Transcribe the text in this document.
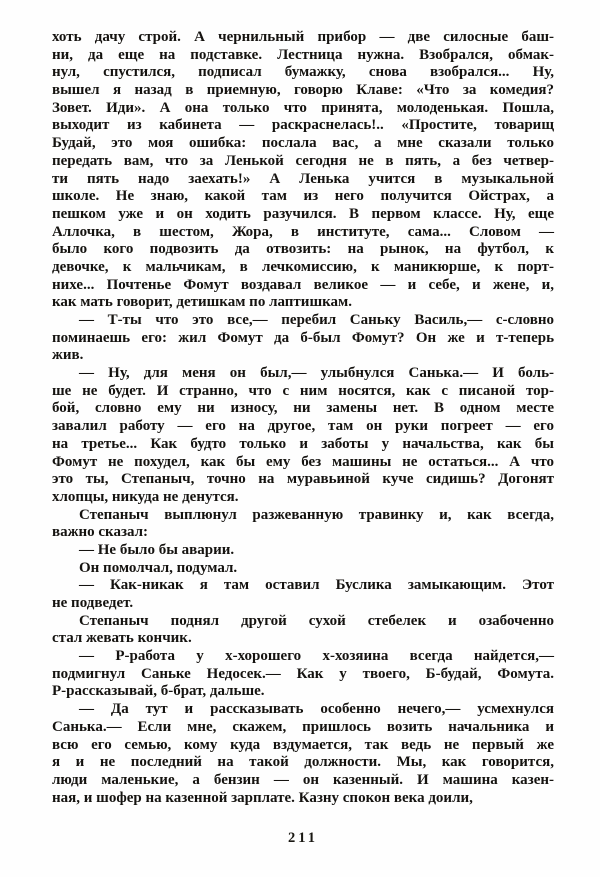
хоть дачу строй. А чернильный прибор — две силосные баш-
ни, да еще на подставке. Лестница нужна. Взобрался, обмак-
нул, спустился, подписал бумажку, снова взобрался... Ну,
вышел я назад в приемную, говорю Клаве: «Что за комедия?
Зовет. Иди». А она только что принята, молоденькая. Пошла,
выходит из кабинета — раскраснелась!.. «Простите, товарищ
Будай, это моя ошибка: послала вас, а мне сказали только
передать вам, что за Ленькой сегодня не в пять, а без четвер-
ти пять надо заехать!» А Ленька учится в музыкальной
школе. Не знаю, какой там из него получится Ойстрах, а
пешком уже и он ходить разучился. В первом классе. Ну, еще
Аллочка, в шестом, Жора, в институте, сама... Словом —
было кого подвозить да отвозить: на рынок, на футбол, к
девочке, к мальчикам, в лечкомиссию, к маникюрше, к порт-
нихе... Почтенье Фомут воздавал великое — и себе, и жене, и,
как мать говорит, детишкам по лаптишкам.
— Т-ты что это все,— перебил Саньку Василь,— с-словно
поминаешь его: жил Фомут да б-был Фомут? Он же и т-теперь
жив.
— Ну, для меня он был,— улыбнулся Санька.— И боль-
ше не будет. И странно, что с ним носятся, как с писаной тор-
бой, словно ему ни износу, ни замены нет. В одном месте
завалил работу — его на другое, там он руки погреет — его
на третье... Как будто только и заботы у начальства, как бы
Фомут не похудел, как бы ему без машины не остаться... А что
это ты, Степаныч, точно на муравьиной куче сидишь? Догонят
хлопцы, никуда не денутся.
Степаныч выплюнул разжеванную травинку и, как всегда,
важно сказал:
— Не было бы аварии.
Он помолчал, подумал.
— Как-никак я там оставил Буслика замыкающим. Этот
не подведет.
Степаныч поднял другой сухой стебелек и озабоченно
стал жевать кончик.
— Р-работа у х-хорошего х-хозяина всегда найдется,—
подмигнул Саньке Недосек.— Как у твоего, Б-будай, Фомута.
Р-рассказывай, б-брат, дальше.
— Да тут и рассказывать особенно нечего,— усмехнулся
Санька.— Если мне, скажем, пришлось возить начальника и
всю его семью, кому куда вздумается, так ведь не первый же
я и не последний на такой должности. Мы, как говорится,
люди маленькие, а бензин — он казенный. И машина казен-
ная, и шофер на казенной зарплате. Казну спокон века доили,
211
